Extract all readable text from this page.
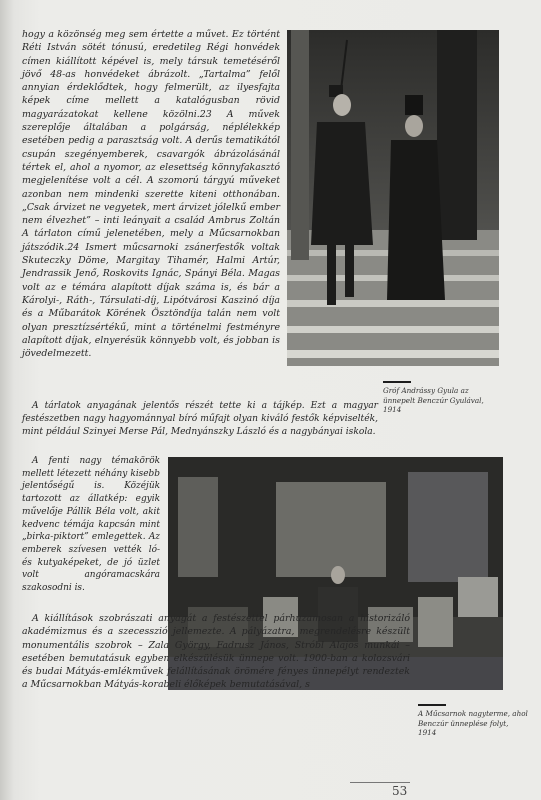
Gróf Andrássy Gyula az ünnepelt Benczúr Gyulával, 1914

A Műcsarnok nagyterme, ahol Benczúr ünneplése folyt, 1914

hogy a közönség meg sem értette a művet. Ez történt Réti István sötét tónusú, eredetileg Régi honvédek címen kiállított képével is, mely társuk temetéséről jövő 48-as honvédeket ábrázolt. „Tartalma” felől annyian érdeklődtek, hogy felmerült, az ilyesfajta képek címe mellett a katalógusban rövid magyarázatokat kellene közölni.23 A művek szereplője általában a polgárság, néplélekkép esetében pedig a parasztság volt. A derűs tematikától csupán szegényemberek, csavargók ábrázolásánál tértek el, ahol a nyomor, az elesettség könnyfakasztó megjelenítése volt a cél. A szomorú tárgyú műveket azonban nem mindenki szerette kiteni otthonában. „Csak árvizet ne vegyetek, mert árvizet jólelkű ember nem élvezhet” – inti leányait a család Ambrus Zoltán A tárlaton című jelenetében, mely a Műcsarnokban játszódik.24 Ismert műcsarnoki zsánerfestők voltak Skuteczky Döme, Margitay Tihamér, Halmi Artúr, Jendrassik Jenő, Roskovits Ignác, Spányi Béla. Magas volt az e témára alapított díjak száma is, és bár a Károlyi-, Ráth-, Társulati-díj, Lipótvárosi Kaszinó díja és a Műbarátok Körének Ösztöndíja talán nem volt olyan presztízsértékű, mint a történelmi festményre alapított díjak, elnyerésük könnyebb volt, és jobban is jövedelmezett.

A tárlatok anyagának jelentős részét tette ki a tájkép. Ezt a magyar festészetben nagy hagyománnyal bíró műfajt olyan kiváló festők képviselték, mint például Szinyei Merse Pál, Mednyánszky László és a nagybányai iskola.

A fenti nagy témakörök mellett létezett néhány kisebb jelentőségű is. Közéjük tartozott az állatkép: egyik művelője Pállik Béla volt, akit kedvenc témája kapcsán mint „birka-piktort” emlegettek. Az emberek szívesen vették ló- és kutyaképeket, de jó üzlet volt angóramacskára szakosodni is.

A kiállítások szobrászati anyagát a festészettel párhuzamosan a historizáló akadémizmus és a szecesszió jellemezte. A pályázatra, megrendelésre készült monumentális szobrok – Zala György, Fadrusz János, Stróbl Alajos munkái – esetében bemutatásuk egyben elkészülésük ünnepe volt. 1900-ban a kolozsvári és budai Mátyás-emlékművek felállításának örömére fényes ünnepélyt rendeztek a Műcsarnokban Mátyás-korabeli élőképek bemutatásával, s

53
